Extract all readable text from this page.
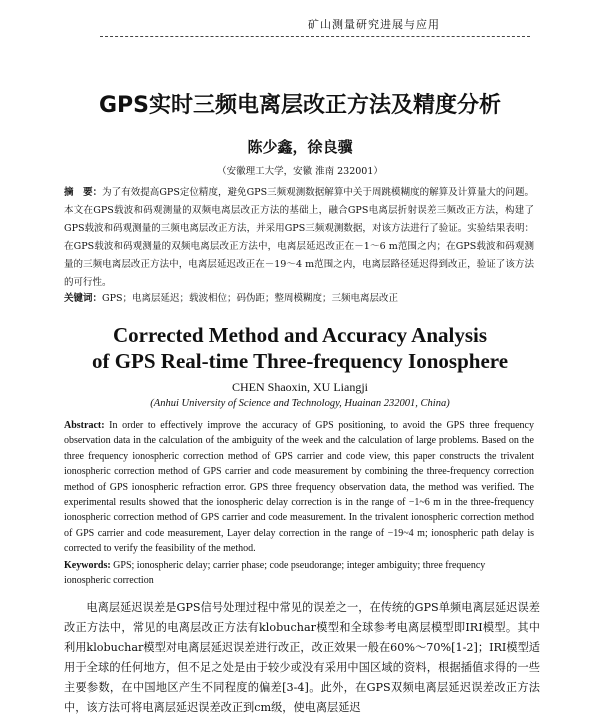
矿山测量研究进展与应用
GPS实时三频电离层改正方法及精度分析
陈少鑫，徐良骥
（安徽理工大学，安徽 淮南 232001）
摘　要：为了有效提高GPS定位精度，避免GPS三频观测数据解算中关于周跳模糊度的解算及计算量大的问题。本文在GPS载波和码观测量的双频电离层改正方法的基础上，融合GPS电离层折射误差三频改正方法，构建了GPS载波和码观测量的三频电离层改正方法，并采用GPS三频观测数据，对该方法进行了验证。实验结果表明：在GPS载波和码观测量的双频电离层改正方法中，电离层延迟改正在－1～6 m范围之内；在GPS载波和码观测量的三频电离层改正方法中，电离层延迟改正在－19～4 m范围之内，电离层路径延迟得到改正，验证了该方法的可行性。
关键词：GPS；电离层延迟；载波相位；码伪距；整周模糊度；三频电离层改正
Corrected Method and Accuracy Analysis
of GPS Real-time Three-frequency Ionosphere
CHEN Shaoxin, XU Liangji
(Anhui University of Science and Technology, Huainan 232001, China)
Abstract: In order to effectively improve the accuracy of GPS positioning, to avoid the GPS three frequency observation data in the calculation of the ambiguity of the week and the calculation of large problems. Based on the three frequency ionospheric correction method of GPS carrier and code view, this paper constructs the trivalent ionospheric correction method of GPS carrier and code measurement by combining the three-frequency correction method of GPS ionospheric refraction error. GPS three frequency observation data, the method was verified. The experimental results showed that the ionospheric delay correction is in the range of −1~6 m in the three-frequency ionospheric correction method of GPS carrier and code measurement. In the trivalent ionospheric correction method of GPS carrier and code measurement, Layer delay correction in the range of −19~4 m; ionospheric path delay is corrected to verify the feasibility of the method.
Keywords: GPS; ionospheric delay; carrier phase; code pseudorange; integer ambiguity; three frequency ionospheric correction
电离层延迟误差是GPS信号处理过程中常见的误差之一，在传统的GPS单频电离层延迟误差改正方法中，常见的电离层改正方法有klobuchar模型和全球参考电离层模型即IRI模型。其中利用klobuchar模型对电离层延迟误差进行改正，改正效果一般在60%～70%[1-2]；IRI模型适用于全球的任何地方，但不足之处是由于较少或没有采用中国区域的资料，根据插值求得的一些主要参数，在中国地区产生不同程度的偏差[3-4]。此外，在GPS双频电离层延迟误差改正方法中，该方法可将电离层延迟误差改正到cm级，使电离层延迟
